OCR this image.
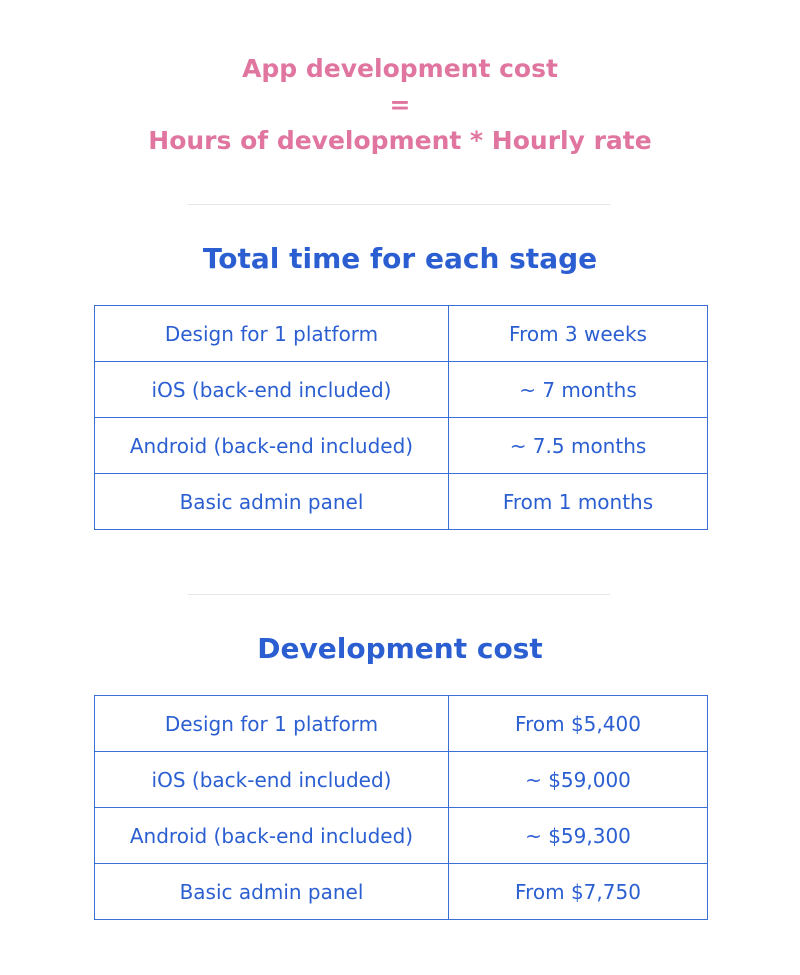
App development cost
=
Hours of development * Hourly rate
Total time for each stage
Design for 1 platform	From 3 weeks
iOS (back-end included)	~ 7 months
Android (back-end included)	~ 7.5 months
Basic admin panel	From 1 months
Development cost
Design for 1 platform	From $5,400
iOS (back-end included)	~ $59,000
Android (back-end included)	~ $59,300
Basic admin panel	From $7,750
